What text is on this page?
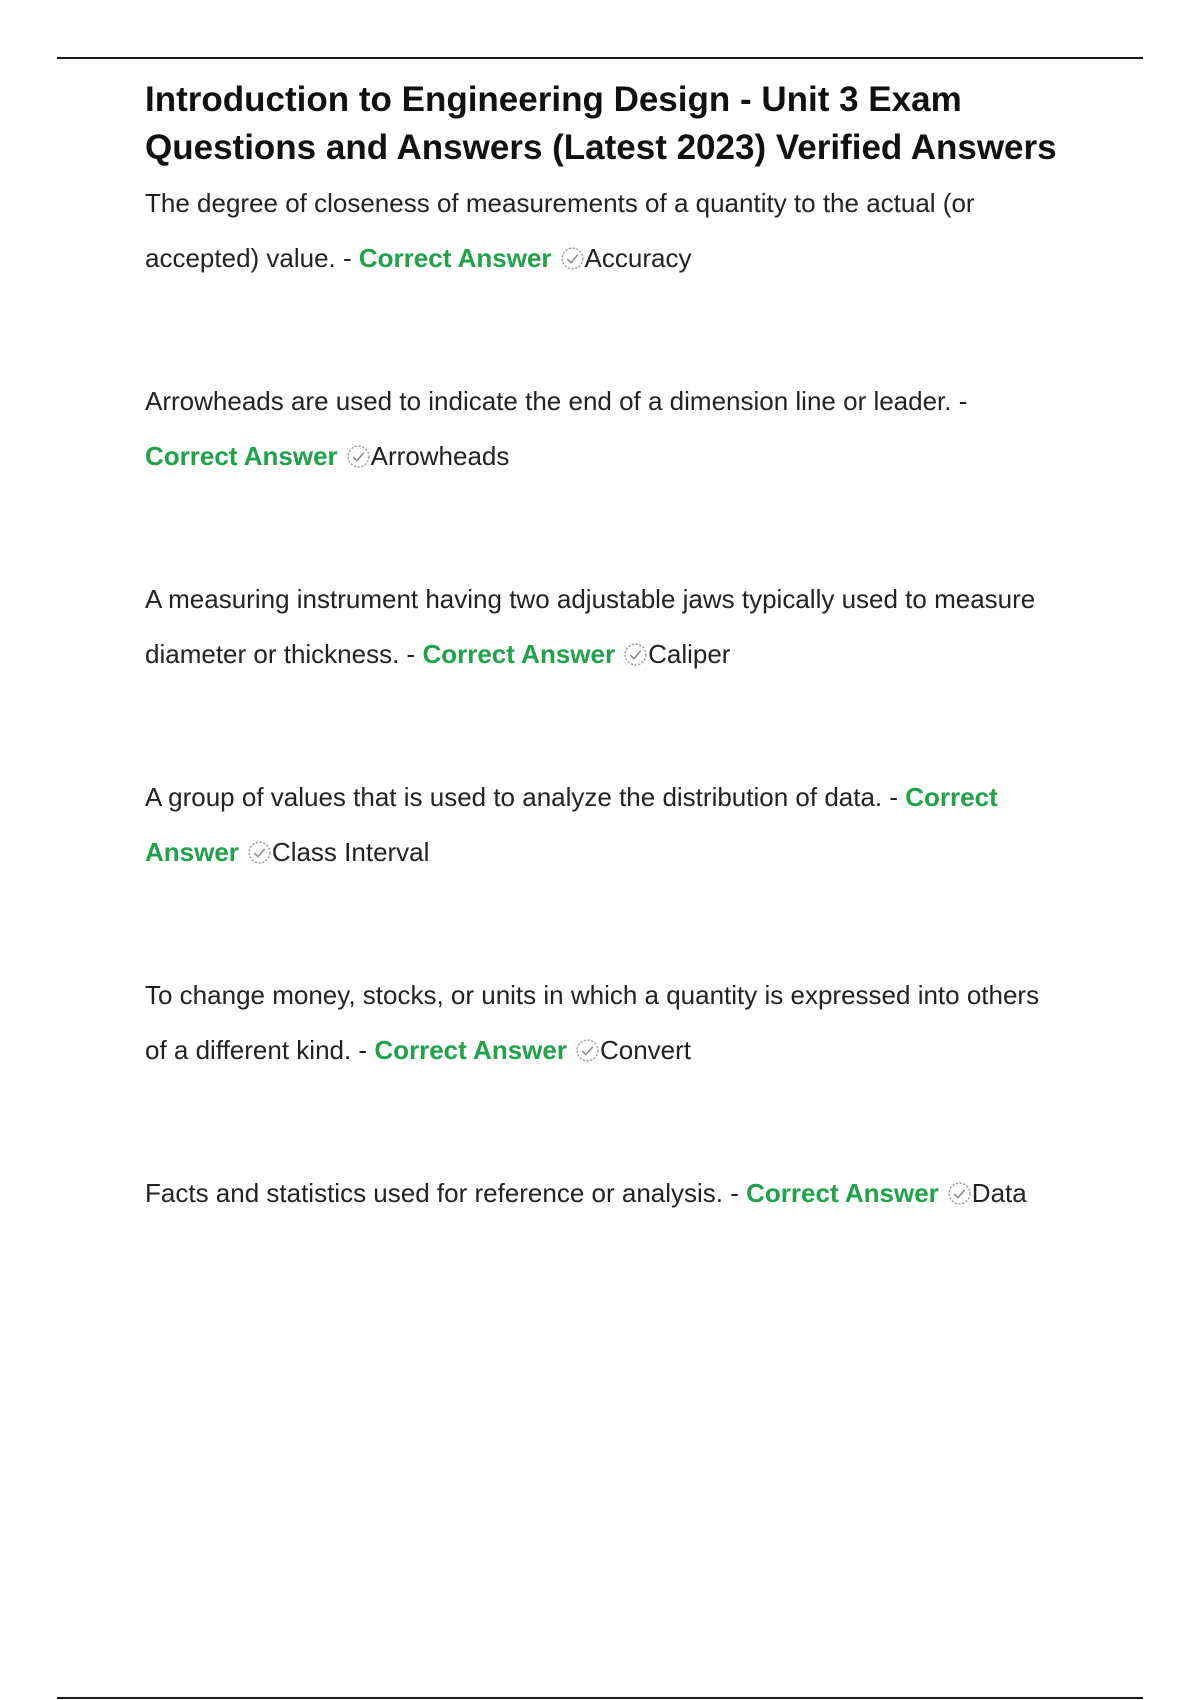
Introduction to Engineering Design - Unit 3 Exam Questions and Answers (Latest 2023) Verified Answers

The degree of closeness of measurements of a quantity to the actual (or accepted) value. - Correct Answer Accuracy

Arrowheads are used to indicate the end of a dimension line or leader. - Correct Answer Arrowheads

A measuring instrument having two adjustable jaws typically used to measure diameter or thickness. - Correct Answer Caliper

A group of values that is used to analyze the distribution of data. - Correct Answer Class Interval

To change money, stocks, or units in which a quantity is expressed into others of a different kind. - Correct Answer Convert

Facts and statistics used for reference or analysis. - Correct Answer Data
